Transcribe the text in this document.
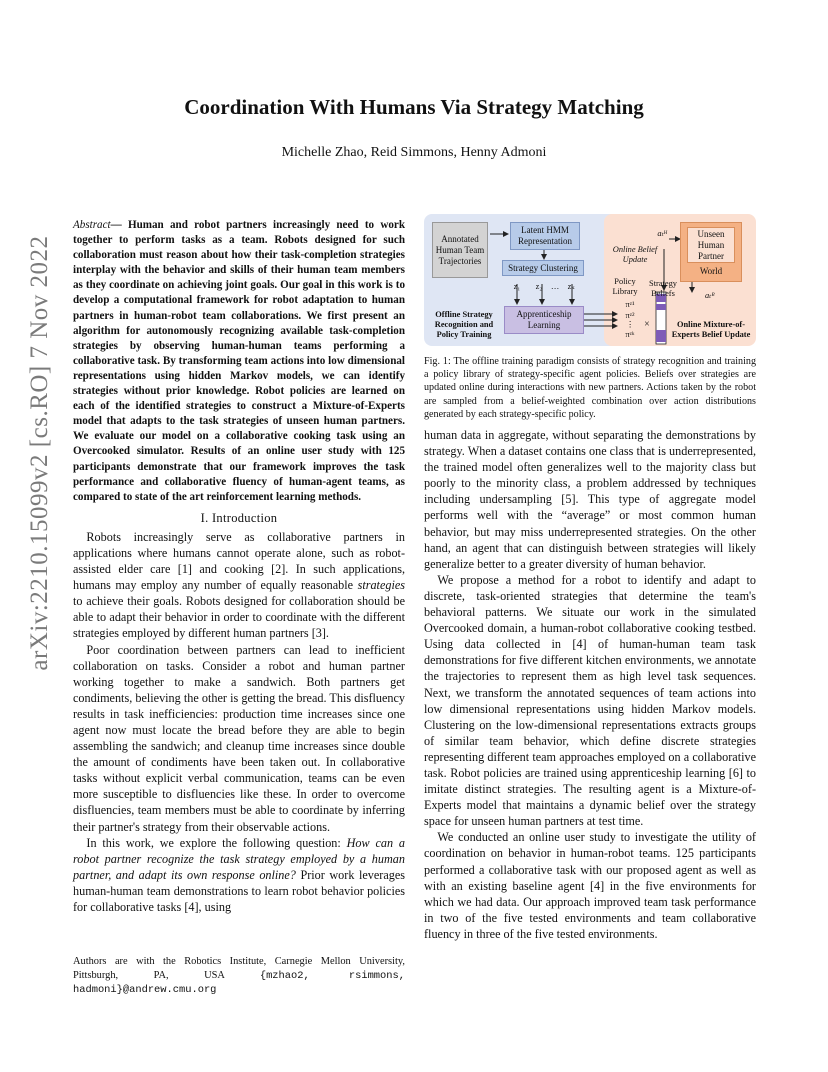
arXiv:2210.15099v2 [cs.RO] 7 Nov 2022
Coordination With Humans Via Strategy Matching
Michelle Zhao, Reid Simmons, Henny Admoni

Abstract— Human and robot partners increasingly need to work together to perform tasks as a team. Robots designed for such collaboration must reason about how their task-completion strategies interplay with the behavior and skills of their human team members as they coordinate on achieving joint goals. Our goal in this work is to develop a computational framework for robot adaptation to human partners in human-robot team collaborations. We first present an algorithm for autonomously recognizing available task-completion strategies by observing human-human teams performing a collaborative task. By transforming team actions into low dimensional representations using hidden Markov models, we can identify strategies without prior knowledge. Robot policies are learned on each of the identified strategies to construct a Mixture-of-Experts model that adapts to the task strategies of unseen human partners. We evaluate our model on a collaborative cooking task using an Overcooked simulator. Results of an online user study with 125 participants demonstrate that our framework improves the task performance and collaborative fluency of human-agent teams, as compared to state of the art reinforcement learning methods.

I. Introduction

Robots increasingly serve as collaborative partners in applications where humans cannot operate alone, such as robot-assisted elder care [1] and cooking [2]. In such applications, humans may employ any number of equally reasonable strategies to achieve their goals. Robots designed for collaboration should be able to adapt their behavior in order to coordinate with the different strategies employed by different human partners [3].

Poor coordination between partners can lead to inefficient collaboration on tasks. Consider a robot and human partner working together to make a sandwich. Both partners get condiments, believing the other is getting the bread. This disfluency results in task inefficiencies: production time increases since one agent now must locate the bread before they are able to begin assembling the sandwich; and cleanup time increases since double the amount of condiments have been taken out. In collaborative tasks without explicit verbal communication, teams can be even more susceptible to disfluencies like these. In order to overcome disfluencies, team members must be able to coordinate by inferring their partner's strategy from their observable actions.

In this work, we explore the following question: How can a robot partner recognize the task strategy employed by a human partner, and adapt its own response online? Prior work leverages human-human team demonstrations to learn robot behavior policies for collaborative tasks [4], using

Authors are with the Robotics Institute, Carnegie Mellon University, Pittsburgh, PA, USA {mzhao2, rsimmons, hadmoni}@andrew.cmu.org
Annotated Human Team Trajectories
Latent HMM Representation
Strategy Clustering
z₁	z₂	…	zₖ
Apprenticeship Learning
Offline Strategy Recognition and Policy Training
Policy Library
πᶻ¹
πᶻ²
⋮
πᶻᵏ
×
Online Belief Update
Strategy Beliefs
aₜᴴ
aₜᴿ
Unseen Human Partner
World
Online Mixture-of-Experts Belief Update
Fig. 1: The offline training paradigm consists of strategy recognition and training a policy library of strategy-specific agent policies. Beliefs over strategies are updated online during interactions with new partners. Actions taken by the robot are sampled from a belief-weighted combination over action distributions generated by each strategy-specific policy.

human data in aggregate, without separating the demonstrations by strategy. When a dataset contains one class that is underrepresented, the trained model often generalizes well to the majority class but poorly to the minority class, a problem addressed by techniques including undersampling [5]. This type of aggregate model performs well with the “average” or most common human behavior, but may miss underrepresented strategies. On the other hand, an agent that can distinguish between strategies will likely generalize better to a greater diversity of human behavior.

We propose a method for a robot to identify and adapt to discrete, task-oriented strategies that determine the team's behavioral patterns. We situate our work in the simulated Overcooked domain, a human-robot collaborative cooking testbed. Using data collected in [4] of human-human team task demonstrations for five different kitchen environments, we annotate the trajectories to represent them as high level task sequences. Next, we transform the annotated sequences of team actions into low dimensional representations using hidden Markov models. Clustering on the low-dimensional representations extracts groups of similar team behavior, which define discrete strategies representing different team approaches employed on a collaborative task. Robot policies are trained using apprenticeship learning [6] to imitate distinct strategies. The resulting agent is a Mixture-of-Experts model that maintains a dynamic belief over the strategy space for unseen human partners at test time.

We conducted an online user study to investigate the utility of coordination on behavior in human-robot teams. 125 participants performed a collaborative task with our proposed agent as well as with an existing baseline agent [4] in the five environments for which we had data. Our approach improved team task performance in two of the five tested environments and team collaborative fluency in three of the five tested environments.
